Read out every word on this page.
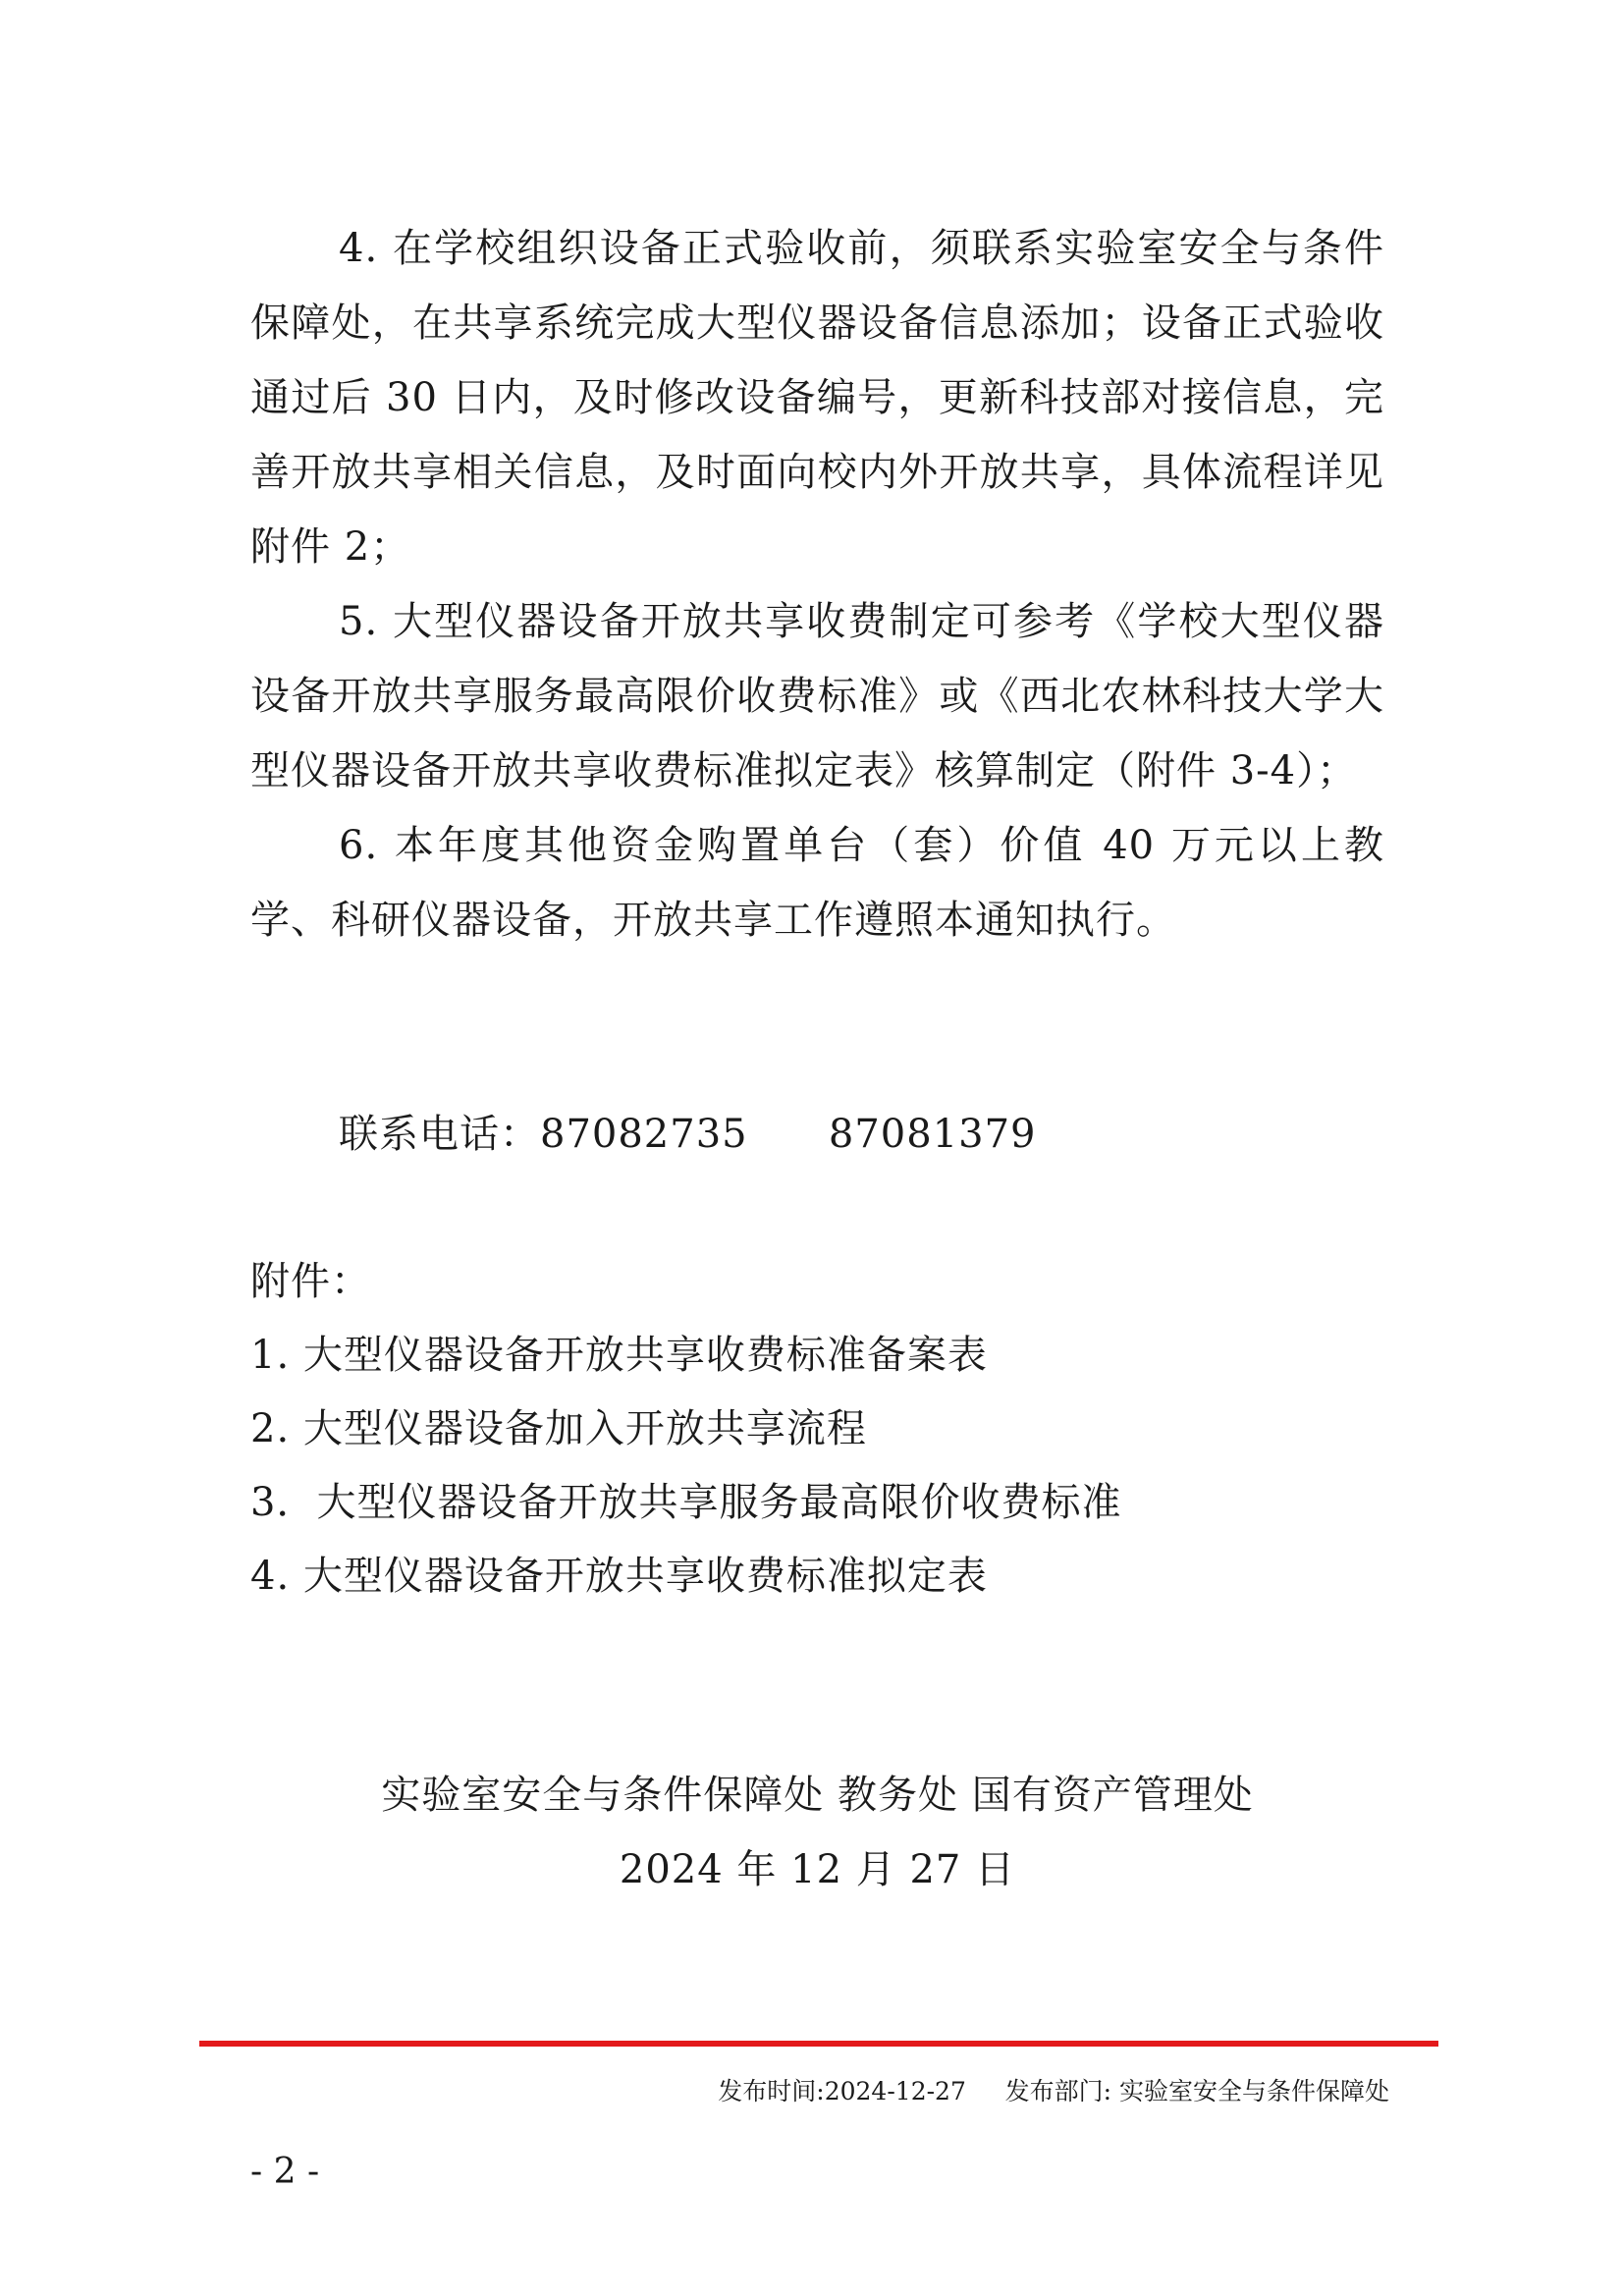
4. 在学校组织设备正式验收前，须联系实验室安全与条件保障处，在共享系统完成大型仪器设备信息添加；设备正式验收通过后 30 日内，及时修改设备编号，更新科技部对接信息，完善开放共享相关信息，及时面向校内外开放共享，具体流程详见附件 2；

5. 大型仪器设备开放共享收费制定可参考《学校大型仪器设备开放共享服务最高限价收费标准》或《西北农林科技大学大型仪器设备开放共享收费标准拟定表》核算制定（附件 3-4）；

6. 本年度其他资金购置单台（套）价值 40 万元以上教学、科研仪器设备，开放共享工作遵照本通知执行。

联系电话：87082735 87081379
附件：
1. 大型仪器设备开放共享收费标准备案表
2. 大型仪器设备加入开放共享流程
3．大型仪器设备开放共享服务最高限价收费标准
4. 大型仪器设备开放共享收费标准拟定表
实验室安全与条件保障处 教务处 国有资产管理处
2024 年 12 月 27 日
发布时间:2024-12-27 发布部门: 实验室安全与条件保障处
- 2 -
